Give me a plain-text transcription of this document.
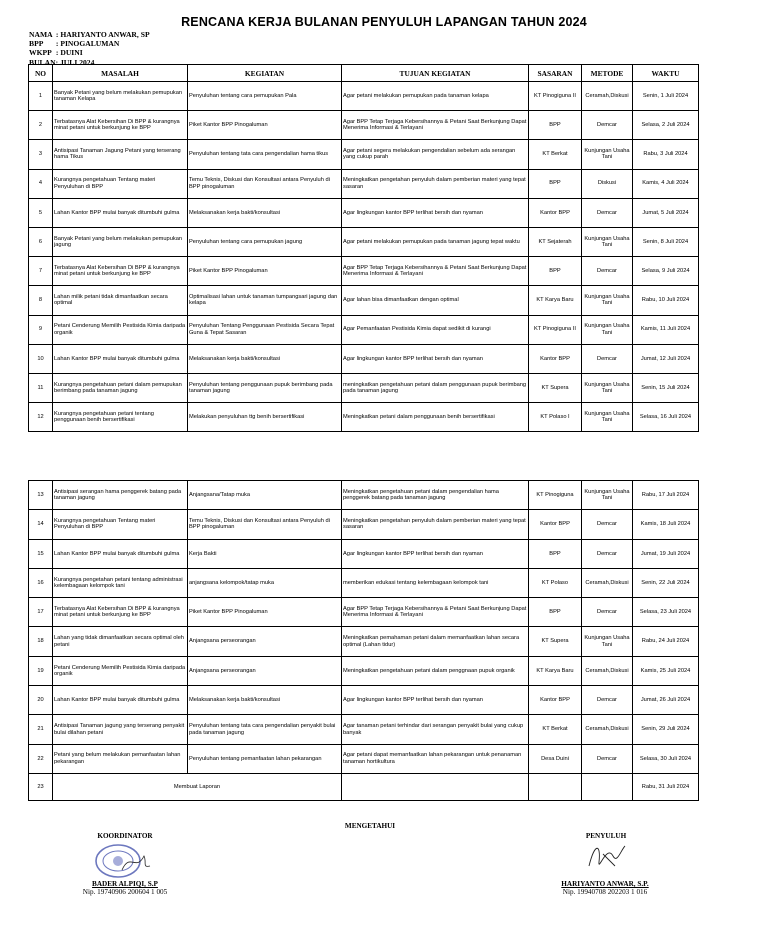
RENCANA KERJA BULANAN PENYULUH LAPANGAN TAHUN 2024
NAMA : HARIYANTO ANWAR, SP
BPP : PINOGALUMAN
WKPP : DUINI
BULAN: JULI 2024
NO	MASALAH	KEGIATAN	TUJUAN KEGIATAN	SASARAN	METODE	WAKTU
1	Banyak Petani yang belum melakukan pemupukan tanaman Kelapa	Penyuluhan tentang cara pemupukan Pala	Agar petani melakukan pemupukan pada tanaman kelapa	KT Pinogiguna II	Ceramah,Diskusi	Senin, 1 Juli 2024
2	Terbatasnya Alat Kebersihan Di BPP & kurangnya minat petani untuk berkunjung ke BPP	Piket Kantor BPP Pinogaluman	Agar BPP Tetap Terjaga Kebersihannya & Petani Saat Berkunjung Dapat Menerima Informasi & Terlayani	BPP	Demcar	Selasa, 2 Juli 2024
3	Antisipasi Tanaman Jagung Petani yang terserang hama Tikus	Penyuluhan tentang tata cara pengendalian hama tikus	Agar petani segera melakukan pengendalian sebelum ada serangan yang cukup parah	KT Berkat	Kunjungan Usaha Tani	Rabu, 3 Juli 2024
4	Kurangnya pengetahuan Tentang materi Penyuluhan di BPP	Temu Teknis, Diskusi dan Konsultasi antara Penyuluh di BPP pinogaluman	Meningkatkan pengetahan penyuluh dalam pemberian materi yang tepat sasaran	BPP	Diskusi	Kamis, 4 Juli 2024
5	Lahan Kantor BPP mulai banyak ditumbuhi gulma	Melaksanakan kerja bakti/konsultasi	Agar lingkungan kantor BPP terlihat bersih dan nyaman	Kantor BPP	Demcar	Jumat, 5 Juli 2024
6	Banyak Petani yang belum melakukan pemupukan jagung	Penyuluhan tentang cara pemupukan jagung	Agar petani melakukan pemupukan pada tanaman jagung tepat waktu	KT Sejaterah	Kunjungan Usaha Tani	Senin, 8 Juli 2024
7	Terbatasnya Alat Kebersihan Di BPP & kurangnya minat petani untuk berkunjung ke BPP	Piket Kantor BPP Pinogaluman	Agar BPP Tetap Terjaga Kebersihannya & Petani Saat Berkunjung Dapat Menerima Informasi & Terlayani	BPP	Demcar	Selasa, 9 Juli 2024
8	Lahan milik petani tidak dimanfaatkan secara optimal	Optimalisasi lahan untuk tanaman tumpangsari jagung dan kelapa	Agar lahan bisa dimanfaatkan dengan optimal	KT Karya Baru	Kunjungan Usaha Tani	Rabu, 10 Juli 2024
9	Petani Cenderung Memilih Pestisida Kimia daripada organik	Penyuluhan Tentang Penggunaan Pestisida Secara Tepat Guna & Tepat Sasaran	Agar Pemanfaatan Pestisida Kimia dapat sedikit di kurangi	KT Pinogiguna II	Kunjungan Usaha Tani	Kamis, 11 Juli 2024
10	Lahan Kantor BPP mulai banyak ditumbuhi gulma	Melaksanakan kerja bakti/konsultasi	Agar lingkungan kantor BPP terlihat bersih dan nyaman	Kantor BPP	Demcar	Jumat, 12 Juli 2024
11	Kurangnya pengetahuan petani dalam pemupukan berimbang pada tanaman jagung	Penyuluhan tentang penggunaan pupuk berimbang pada tanaman jagung	meningkatkan pengetahuan petani dalam penggunaan pupuk berimbang pada tanaman jagung	KT Supera	Kunjungan Usaha Tani	Senin, 15 Juli 2024
12	Kurangnya pengetahuan petani tentang penggunaan benih bersertifikasi	Melakukan penyuluhan ttg benih bersertifikasi	Meningkatkan petani dalam penggunaan benih bersertifikasi	KT Polaso I	Kunjungan Usaha Tani	Selasa, 16 Juli 2024
13	Antisipasi serangan hama penggerek batang pada tanaman jagung	Anjangsana/Tatap muka	Meningkatkan pengetahuan petani dalam pengendalian hama penggerek batang pada tanaman jagung	KT Pinogiguna	Kunjungan Usaha Tani	Rabu, 17 Juli 2024
14	Kurangnya pengetahuan Tentang materi Penyuluhan di BPP	Temu Teknis, Diskusi dan Konsultasi antara Penyuluh di BPP pinogaluman	Meningkatkan pengetahan penyuluh dalam pemberian materi yang tepat sasaran	Kantor BPP	Demcar	Kamis, 18 Juli 2024
15	Lahan Kantor BPP mulai banyak ditumbuhi gulma	Kerja Bakti	Agar lingkungan kantor BPP terlihat bersih dan nyaman	BPP	Demcar	Jumat, 19 Juli 2024
16	Kurangnya pengetahan petani tentang administrasi kelembagaan kelompok tani	anjangsana kelompok/tatap muka	memberikan edukasi tentang kelembagaan kelompok tani	KT Polaso	Ceramah,Diskusi	Senin, 22 Juli 2024
17	Terbatasnya Alat Kebersihan Di BPP & kurangnya minat petani untuk berkunjung ke BPP	Piket Kantor BPP Pinogaluman	Agar BPP Tetap Terjaga Kebersihannya & Petani Saat Berkunjung Dapat Menerima Informasi & Terlayani	BPP	Demcar	Selasa, 23 Juli 2024
18	Lahan yang tidak dimanfaatkan secara optimal oleh petani	Anjangsana perseorangan	Meningkatkan pemahaman petani dalam memanfaatkan lahan secara optimal (Lahan tidur)	KT Supera	Kunjungan Usaha Tani	Rabu, 24 Juli 2024
19	Petani Cenderung Memilih Pestisida Kimia daripada organik	Anjangsana perseorangan	Meningkatkan pengetahuan petani dalam penggnaan pupuk organik	KT Karya Baru	Ceramah,Diskusi	Kamis, 25 Juli 2024
20	Lahan Kantor BPP mulai banyak ditumbuhi gulma	Melaksanakan kerja bakti/konsultasi	Agar lingkungan kantor BPP terlihat bersih dan nyaman	Kantor BPP	Demcar	Jumat, 26 Juli 2024
21	Antisipasi Tanaman jagung yang terserang penyakit bulai dilahan petani	Penyuluhan tentang tata cara pengendalian penyakit bulai pada tanaman jagung	Agar tanaman petani terhindar dari serangan penyakit bulai yang cukup banyak	KT Berkat	Ceramah,Diskusi	Senin, 29 Juli 2024
22	Petani yang belum melakukan pemanfaatan lahan pekarangan	Penyuluhan tentang pemanfaatan lahan pekarangan	Agar petani dapat memanfaatkan lahan pekarangan untuk penanaman tanaman hortikultura	Desa Duini	Demcar	Selasa, 30 Juli 2024
23	Membuat Laporan					Rabu, 31 Juli 2024
MENGETAHUI
KOORDINATOR
BADER ALPIQI, S.P
Nip. 19740906 200604 1 005
PENYULUH
HARIYANTO ANWAR, S.P.
Nip. 19940708 202203 1 016
